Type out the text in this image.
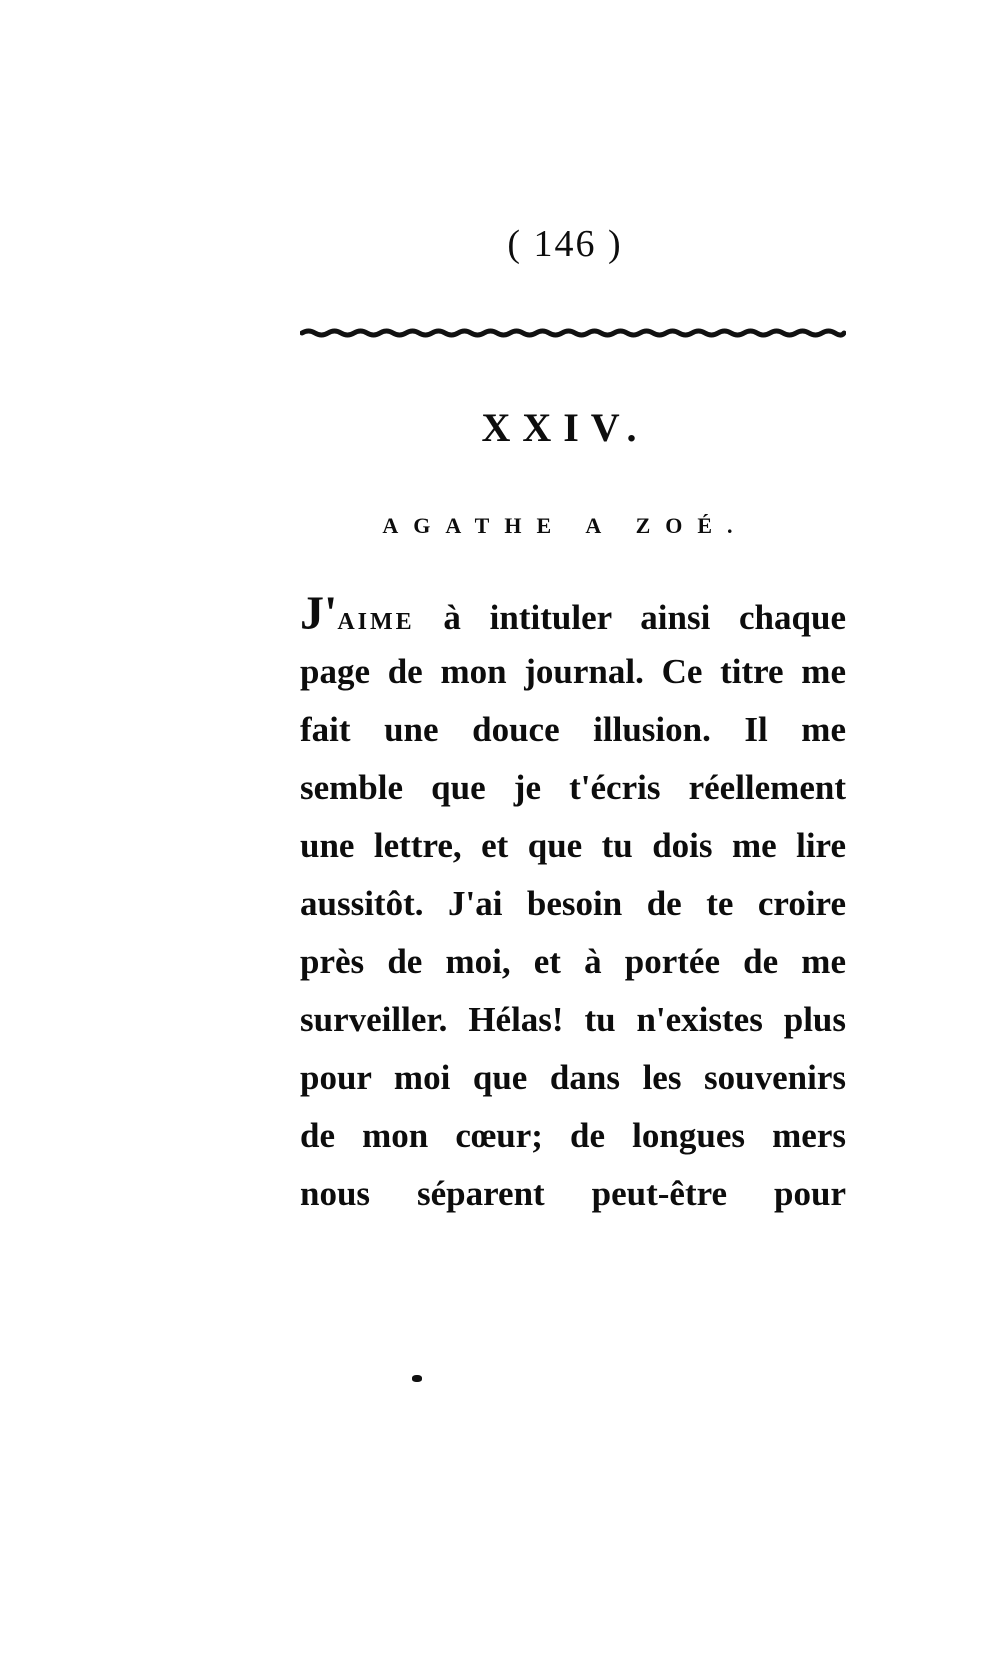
( 146 )
XXIV.
AGATHE A ZOÉ.
J'AIME à intituler ainsi chaque
page de mon journal. Ce titre me
fait une douce illusion. Il me
semble que je t'écris réellement
une lettre, et que tu dois me lire
aussitôt. J'ai besoin de te croire
près de moi, et à portée de me
surveiller. Hélas! tu n'existes plus
pour moi que dans les souvenirs
de mon cœur; de longues mers
nous séparent peut-être pour
